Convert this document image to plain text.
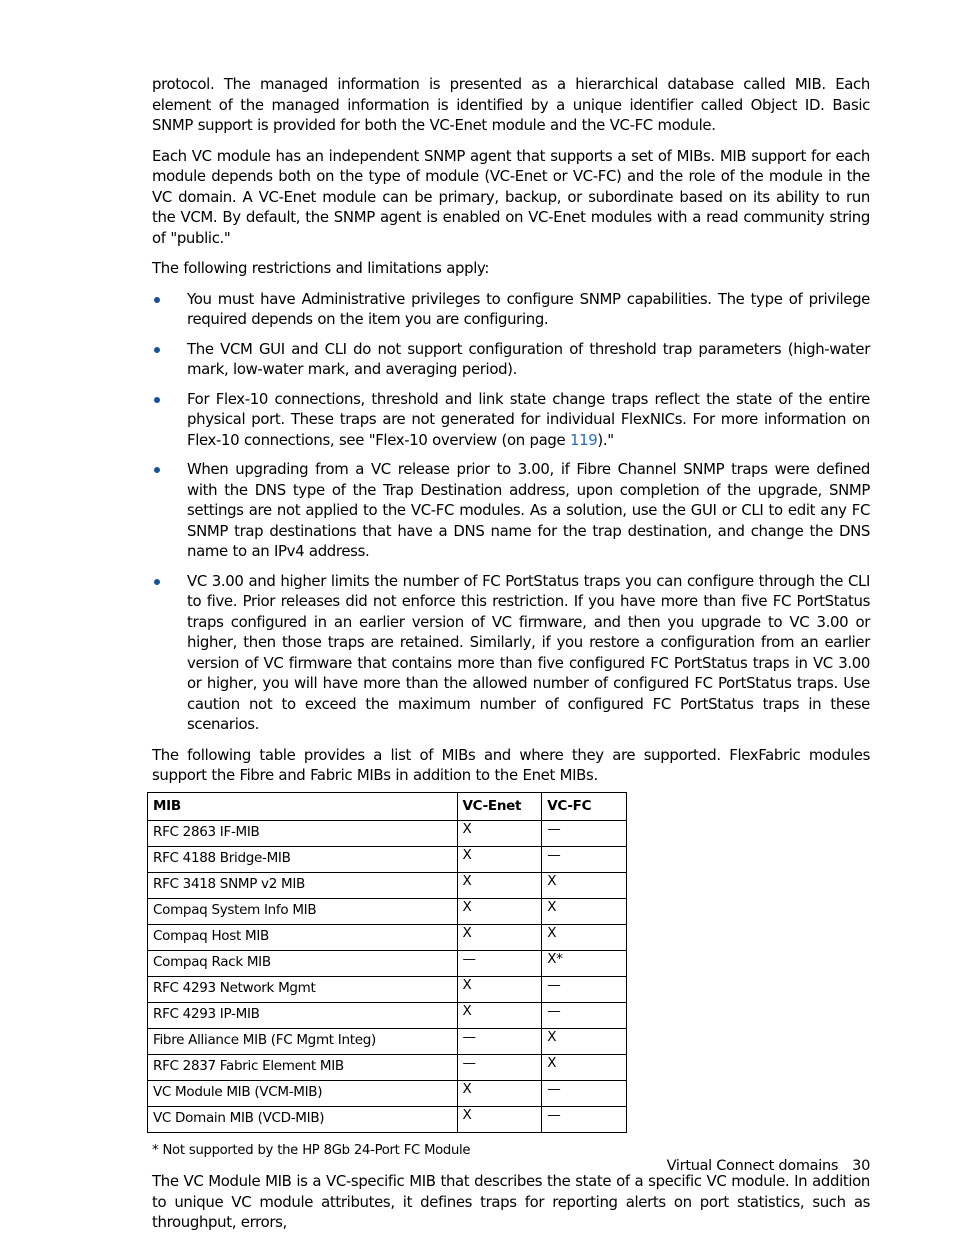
protocol. The managed information is presented as a hierarchical database called MIB. Each element of the managed information is identified by a unique identifier called Object ID. Basic SNMP support is provided for both the VC-Enet module and the VC-FC module.

Each VC module has an independent SNMP agent that supports a set of MIBs. MIB support for each module depends both on the type of module (VC-Enet or VC-FC) and the role of the module in the VC domain. A VC-Enet module can be primary, backup, or subordinate based on its ability to run the VCM. By default, the SNMP agent is enabled on VC-Enet modules with a read community string of "public."

The following restrictions and limitations apply:

You must have Administrative privileges to configure SNMP capabilities. The type of privilege required depends on the item you are configuring.

The VCM GUI and CLI do not support configuration of threshold trap parameters (high-water mark, low-water mark, and averaging period).

For Flex-10 connections, threshold and link state change traps reflect the state of the entire physical port. These traps are not generated for individual FlexNICs. For more information on Flex-10 connections, see "Flex-10 overview (on page 119)."

When upgrading from a VC release prior to 3.00, if Fibre Channel SNMP traps were defined with the DNS type of the Trap Destination address, upon completion of the upgrade, SNMP settings are not applied to the VC-FC modules. As a solution, use the GUI or CLI to edit any FC SNMP trap destinations that have a DNS name for the trap destination, and change the DNS name to an IPv4 address.

VC 3.00 and higher limits the number of FC PortStatus traps you can configure through the CLI to five. Prior releases did not enforce this restriction. If you have more than five FC PortStatus traps configured in an earlier version of VC firmware, and then you upgrade to VC 3.00 or higher, then those traps are retained. Similarly, if you restore a configuration from an earlier version of VC firmware that contains more than five configured FC PortStatus traps in VC 3.00 or higher, you will have more than the allowed number of configured FC PortStatus traps. Use caution not to exceed the maximum number of configured FC PortStatus traps in these scenarios.

The following table provides a list of MIBs and where they are supported. FlexFabric modules support the Fibre and Fabric MIBs in addition to the Enet MIBs.

MIB	VC-Enet	VC-FC
RFC 2863 IF-MIB	X	—
RFC 4188 Bridge-MIB	X	—
RFC 3418 SNMP v2 MIB	X	X
Compaq System Info MIB	X	X
Compaq Host MIB	X	X
Compaq Rack MIB	—	X*
RFC 4293 Network Mgmt	X	—
RFC 4293 IP-MIB	X	—
Fibre Alliance MIB (FC Mgmt Integ)	—	X
RFC 2837 Fabric Element MIB	—	X
VC Module MIB (VCM-MIB)	X	—
VC Domain MIB (VCD-MIB)	X	—

* Not supported by the HP 8Gb 24-Port FC Module

The VC Module MIB is a VC-specific MIB that describes the state of a specific VC module. In addition to unique VC module attributes, it defines traps for reporting alerts on port statistics, such as throughput, errors,

Virtual Connect domains 30
